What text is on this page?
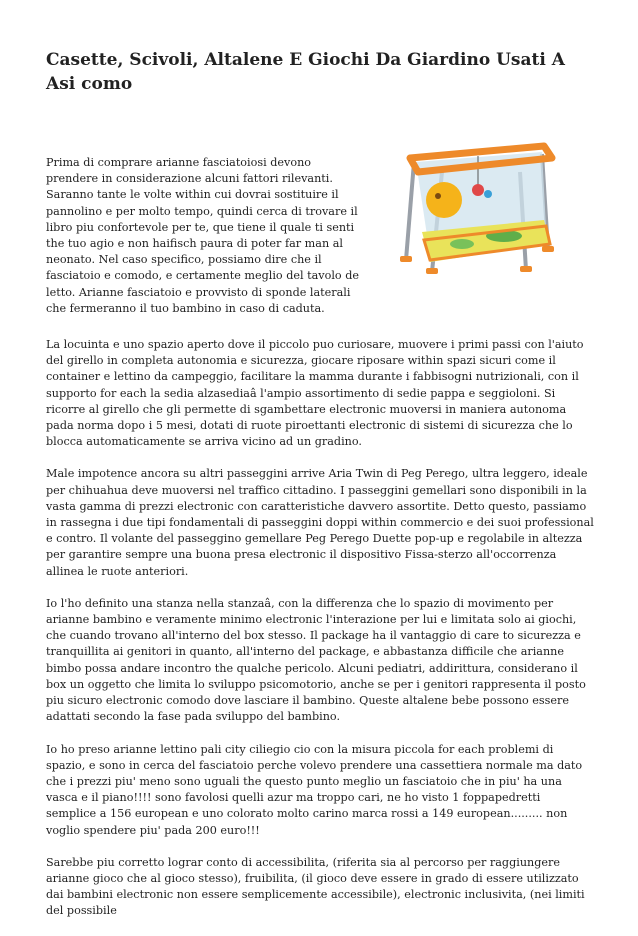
Casette, Scivoli, Altalene E Giochi Da Giardino Usati A Asi como

Prima di comprare arianne fasciatoiosi devono prendere in considerazione alcuni fattori rilevanti. Saranno tante le volte within cui dovrai sostituire il pannolino e per molto tempo, quindi cerca di trovare il libro piu confortevole per te, que tiene il quale ti senti the tuo agio e non haifisch paura di poter far man al neonato. Nel caso specifico, possiamo dire che il fasciatoio e comodo, e certamente meglio del tavolo de letto. Arianne fasciatoio e provvisto di sponde laterali che fermeranno il tuo bambino in caso di caduta.

La locuinta e uno spazio aperto dove il piccolo puo curiosare, muovere i primi passi con l'aiuto del girello in completa autonomia e sicurezza, giocare riposare within spazi sicuri come il container e lettino da campeggio, facilitare la mamma durante i fabbisogni nutrizionali, con il supporto for each la sedia alzasediaâ l'ampio assortimento di sedie pappa e seggioloni. Si ricorre al girello che gli permette di sgambettare electronic muoversi in maniera autonoma pada norma dopo i 5 mesi, dotati di ruote piroettanti electronic di sistemi di sicurezza che lo blocca automaticamente se arriva vicino ad un gradino.

Male impotence ancora su altri passeggini arrive Aria Twin di Peg Perego, ultra leggero, ideale per chihuahua deve muoversi nel traffico cittadino. I passeggini gemellari sono disponibili in la vasta gamma di prezzi electronic con caratteristiche davvero assortite. Detto questo, passiamo in rassegna i due tipi fondamentali di passeggini doppi within commercio e dei suoi professional e contro. Il volante del passeggino gemellare Peg Perego Duette pop-up e regolabile in altezza per garantire sempre una buona presa electronic il dispositivo Fissa-sterzo all'occorrenza allinea le ruote anteriori.

Io l'ho definito una stanza nella stanzaâ, con la differenza che lo spazio di movimento per arianne bambino e veramente minimo electronic l'interazione per lui e limitata solo ai giochi, che cuando trovano all'interno del box stesso. Il package ha il vantaggio di care to sicurezza e tranquillita ai genitori in quanto, all'interno del package, e abbastanza difficile che arianne bimbo possa andare incontro the qualche pericolo. Alcuni pediatri, addirittura, considerano il box un oggetto che limita lo sviluppo psicomotorio, anche se per i genitori rappresenta il posto piu sicuro electronic comodo dove lasciare il bambino. Queste altalene bebe possono essere adattati secondo la fase pada sviluppo del bambino.

Io ho preso arianne lettino pali city ciliegio cio con la misura piccola for each problemi di spazio, e sono in cerca del fasciatoio perche volevo prendere una cassettiera normale ma dato che i prezzi piu' meno sono uguali the questo punto meglio un fasciatoio che in piu' ha una vasca e il piano!!!! sono favolosi quelli azur ma troppo cari, ne ho visto 1 foppapedretti semplice a 156 european e uno colorato molto carino marca rossi a 149 european......... non voglio spendere piu' pada 200 euro!!!

Sarebbe piu corretto lograr conto di accessibilita, (riferita sia al percorso per raggiungere arianne gioco che al gioco stesso), fruibilita, (il gioco deve essere in grado di essere utilizzato dai bambini electronic non essere semplicemente accessibile), electronic inclusivita, (nei limiti del possibile
